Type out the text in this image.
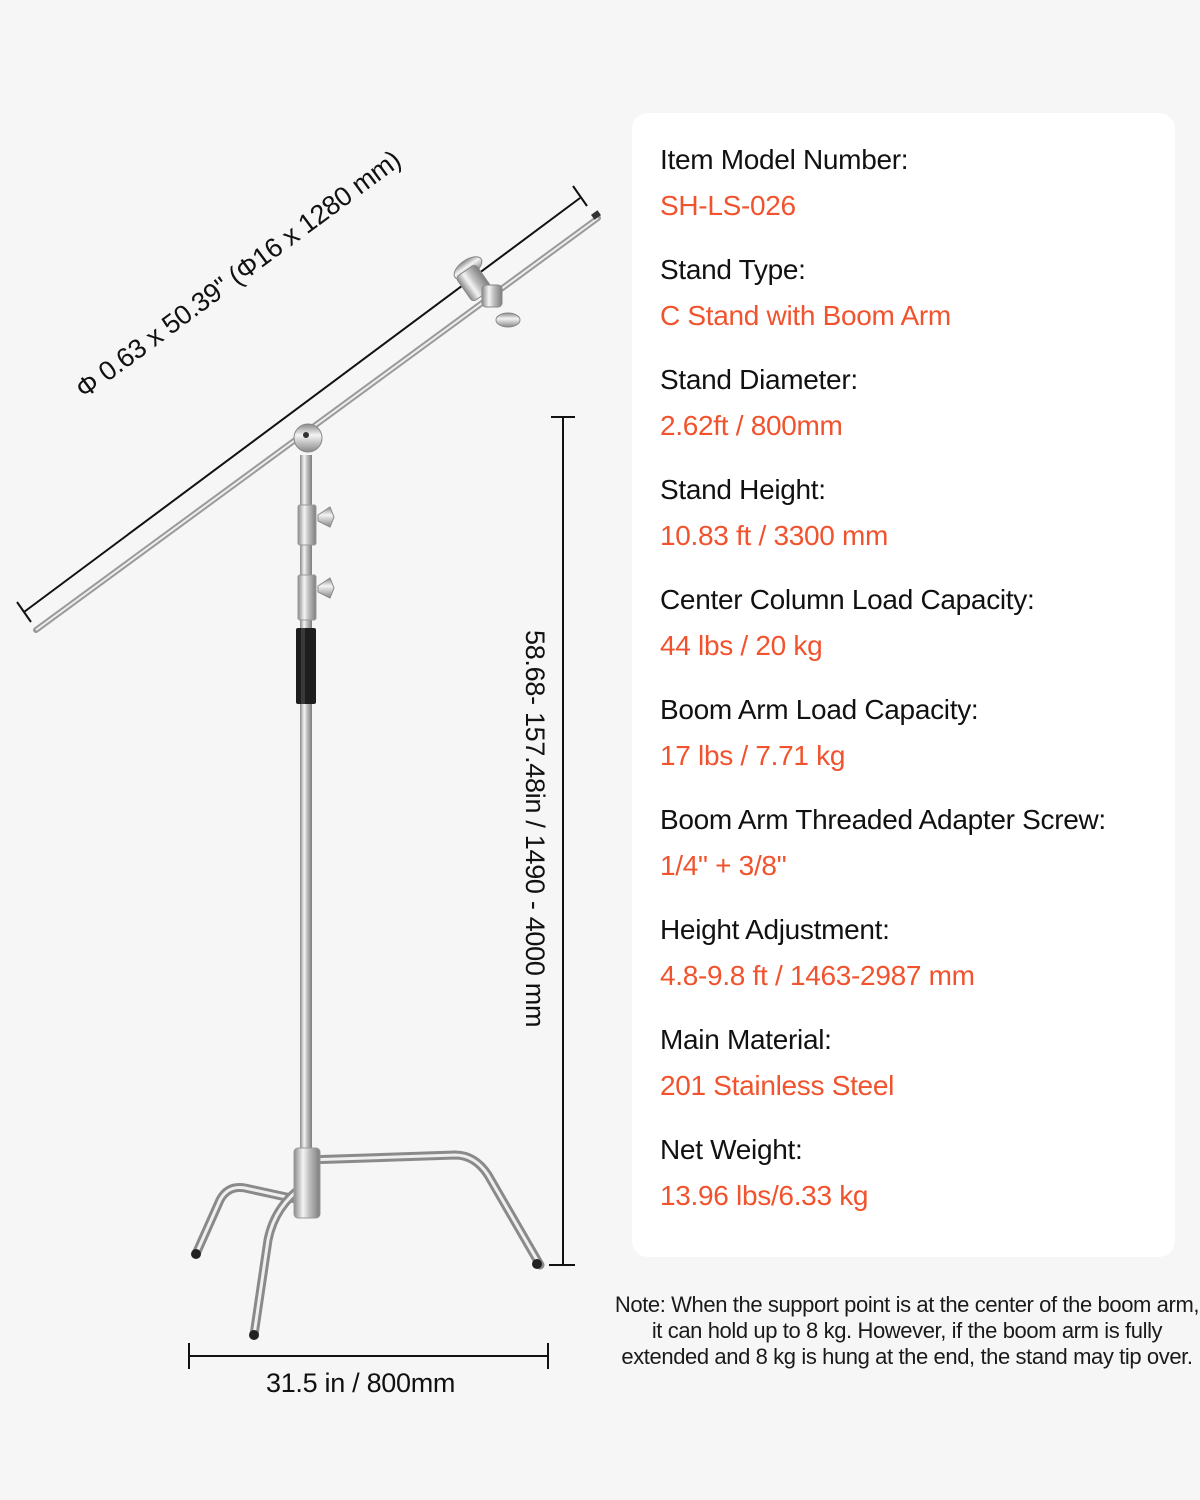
Φ 0.63 x 50.39" (Φ16 x 1280 mm)
58.68- 157.48in / 1490 - 4000 mm
31.5 in / 800mm
Item Model Number:
SH-LS-026
Stand Type:
C Stand with Boom Arm
Stand Diameter:
2.62ft / 800mm
Stand Height:
10.83 ft / 3300 mm
Center Column Load Capacity:
44 lbs / 20 kg
Boom Arm Load Capacity:
17 lbs / 7.71 kg
Boom Arm Threaded Adapter Screw:
1/4" + 3/8"
Height Adjustment:
4.8-9.8 ft / 1463-2987 mm
Main Material:
201 Stainless Steel
Net Weight:
13.96 lbs/6.33 kg
Note: When the support point is at the center of the boom arm, it can hold up to 8 kg. However, if the boom arm is fully extended and 8 kg is hung at the end, the stand may tip over.
